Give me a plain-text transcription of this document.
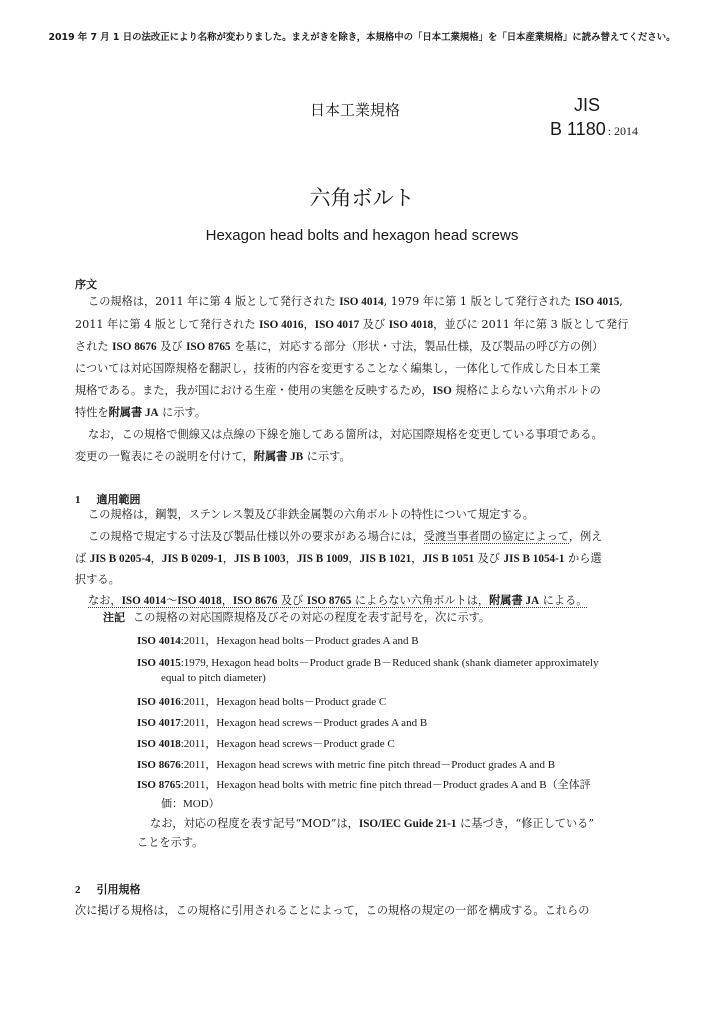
2019 年 7 月 1 日の法改正により名称が変わりました。まえがきを除き，本規格中の「日本工業規格」を「日本産業規格」に読み替えてください。
日本工業規格	JIS
B 1180 : 2014
六角ボルト
Hexagon head bolts and hexagon head screws
序文
この規格は，2011 年に第 4 版として発行された ISO 4014, 1979 年に第 1 版として発行された ISO 4015,
2011 年に第 4 版として発行された ISO 4016，ISO 4017 及び ISO 4018，並びに 2011 年に第 3 版として発行
された ISO 8676 及び ISO 8765 を基に，対応する部分（形状・寸法，製品仕様，及び製品の呼び方の例）
については対応国際規格を翻訳し，技術的内容を変更することなく編集し，一体化して作成した日本工業
規格である。また，我が国における生産・使用の実態を反映するため，ISO 規格によらない六角ボルトの
特性を附属書 JA に示す。
なお，この規格で側線又は点線の下線を施してある箇所は，対応国際規格を変更している事項である。
変更の一覧表にその説明を付けて，附属書 JB に示す。
1 適用範囲
この規格は，鋼製，ステンレス製及び非鉄金属製の六角ボルトの特性について規定する。
この規格で規定する寸法及び製品仕様以外の要求がある場合には，受渡当事者間の協定によって，例え
ば JIS B 0205-4，JIS B 0209-1，JIS B 1003，JIS B 1009，JIS B 1021，JIS B 1051 及び JIS B 1054-1 から選
択する。
なお，ISO 4014～ISO 4018，ISO 8676 及び ISO 8765 によらない六角ボルトは，附属書 JA による。
注記 この規格の対応国際規格及びその対応の程度を表す記号を，次に示す。
ISO 4014:2011，Hexagon head bolts－Product grades A and B
ISO 4015:1979, Hexagon head bolts－Product grade B－Reduced shank (shank diameter approximately
equal to pitch diameter)
ISO 4016:2011，Hexagon head bolts－Product grade C
ISO 4017:2011，Hexagon head screws－Product grades A and B
ISO 4018:2011，Hexagon head screws－Product grade C
ISO 8676:2011，Hexagon head screws with metric fine pitch thread－Product grades A and B
ISO 8765:2011，Hexagon head bolts with metric fine pitch thread－Product grades A and B（全体評
価：MOD）
なお，対応の程度を表す記号“MOD”は，ISO/IEC Guide 21-1 に基づき，“修正している”
ことを示す。
2 引用規格
次に掲げる規格は，この規格に引用されることによって，この規格の規定の一部を構成する。これらの
